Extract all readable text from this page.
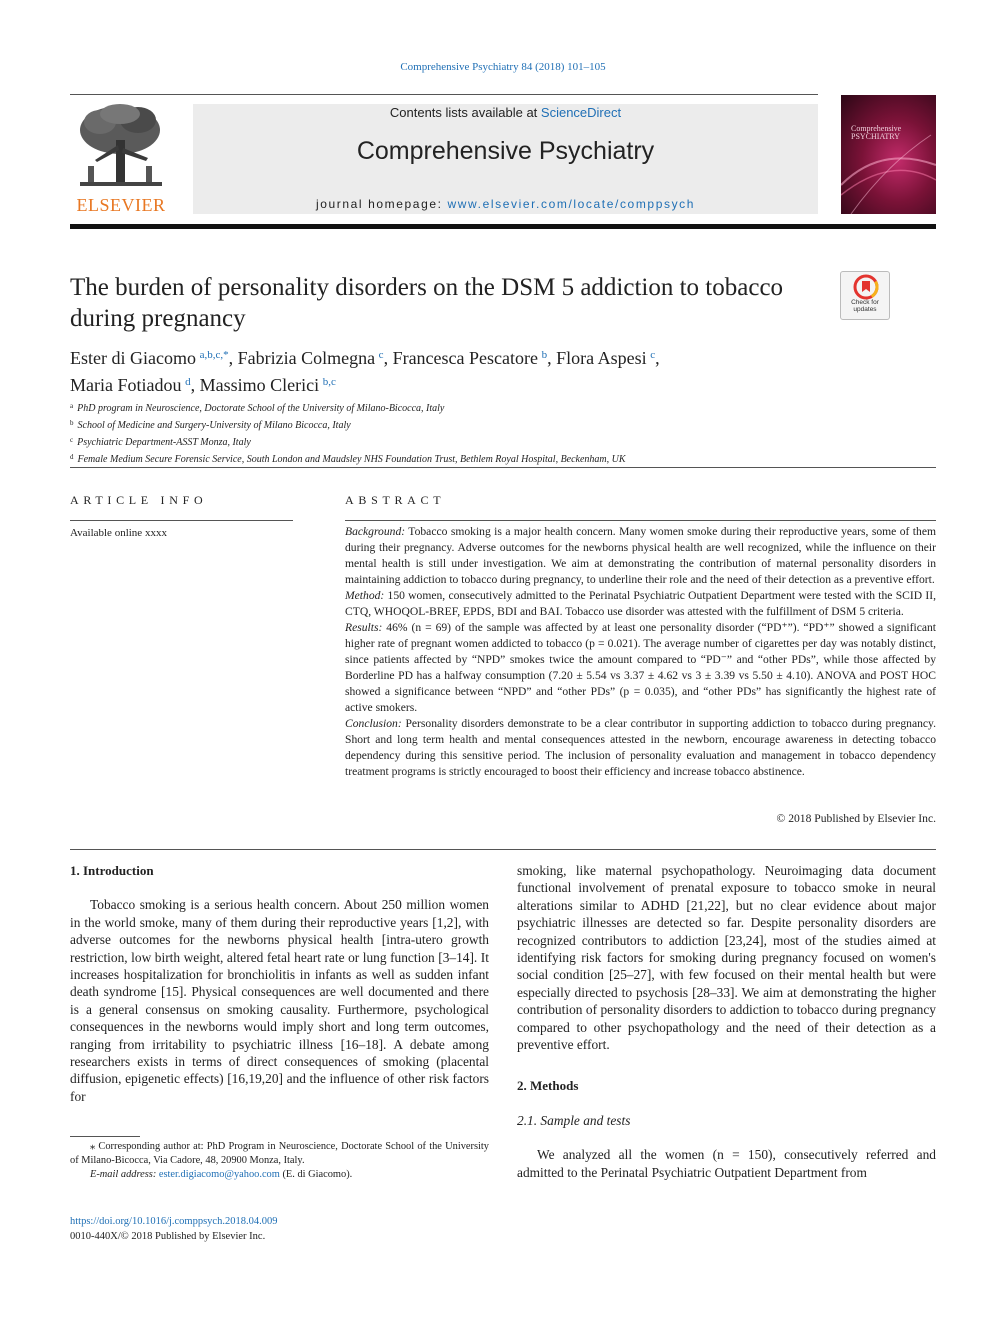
Comprehensive Psychiatry 84 (2018) 101–105
ELSEVIER
Contents lists available at ScienceDirect
Comprehensive Psychiatry
journal homepage: www.elsevier.com/locate/comppsych
Comprehensive PSYCHIATRY
The burden of personality disorders on the DSM 5 addiction to tobacco during pregnancy
Check for updates
Ester di Giacomo  $^{a,b,c,*}$, Fabrizia Colmegna  $^c$, Francesca Pescatore  $^b$, Flora Aspesi  $^c$,
Maria Fotiadou  $^d$, Massimo Clerici  $^{b,c}$
$^a$ PhD program in Neuroscience, Doctorate School of the University of Milano-Bicocca, Italy
$^b$ School of Medicine and Surgery-University of Milano Bicocca, Italy
$^c$ Psychiatric Department-ASST Monza, Italy
$^d$ Female Medium Secure Forensic Service, South London and Maudsley NHS Foundation Trust, Bethlem Royal Hospital, Beckenham, UK
ARTICLE INFO
Available online xxxx
ABSTRACT

Background: Tobacco smoking is a major health concern. Many women smoke during their reproductive years, some of them during their pregnancy. Adverse outcomes for the newborns physical health are well recognized, while the influence on their mental health is still under investigation. We aim at demonstrating the contribution of maternal personality disorders in maintaining addiction to tobacco during pregnancy, to underline their role and the need of their detection as a preventive effort.

Method: 150 women, consecutively admitted to the Perinatal Psychiatric Outpatient Department were tested with the SCID II, CTQ, WHOQOL-BREF, EPDS, BDI and BAI. Tobacco use disorder was attested with the fulfillment of DSM 5 criteria.

Results: 46% (n = 69) of the sample was affected by at least one personality disorder (“PD⁺”). “PD⁺” showed a significant higher rate of pregnant women addicted to tobacco (p = 0.021). The average number of cigarettes per day was notably distinct, since patients affected by “NPD” smokes twice the amount compared to “PD⁻” and “other PDs”, while those affected by Borderline PD has a halfway consumption (7.20 ± 5.54 vs 3.37 ± 4.62 vs 3 ± 3.39 vs 5.50 ± 4.10). ANOVA and POST HOC showed a significance between “NPD” and “other PDs” (p = 0.035), and “other PDs” has significantly the highest rate of active smokers.

Conclusion: Personality disorders demonstrate to be a clear contributor in supporting addiction to tobacco during pregnancy. Short and long term health and mental consequences attested in the newborn, encourage awareness in detecting tobacco dependency during this sensitive period. The inclusion of personality evaluation and management in tobacco dependency treatment programs is strictly encouraged to boost their efficiency and increase tobacco abstinence.

© 2018 Published by Elsevier Inc.
1. Introduction

Tobacco smoking is a serious health concern. About 250 million women in the world smoke, many of them during their reproductive years [1,2], with adverse outcomes for the newborns physical health [intra-utero growth restriction, low birth weight, altered fetal heart rate or lung function [3–14]. It increases hospitalization for bronchiolitis in infants as well as sudden infant death syndrome [15]. Physical consequences are well documented and there is a general consensus on smoking causality. Furthermore, psychological consequences in the newborns would imply short and long term outcomes, ranging from irritability to psychiatric illness [16–18]. A debate among researchers exists in terms of direct consequences of smoking (placental diffusion, epigenetic effects) [16,19,20] and the influence of other risk factors for

smoking, like maternal psychopathology. Neuroimaging data document functional involvement of prenatal exposure to tobacco smoke in neural alterations similar to ADHD [21,22], but no clear evidence about major psychiatric illnesses are detected so far. Despite personality disorders are recognized contributors to addiction [23,24], most of the studies aimed at identifying risk factors for smoking during pregnancy focused on women's social condition [25–27], with few focused on their mental health but were especially directed to psychosis [28–33]. We aim at demonstrating the higher contribution of personality disorders to addiction to tobacco during pregnancy compared to other psychopathology and the need of their detection as a preventive effort.

2. Methods
2.1. Sample and tests

We analyzed all the women (n = 150), consecutively referred and admitted to the Perinatal Psychiatric Outpatient Department from

⁎ Corresponding author at: PhD Program in Neuroscience, Doctorate School of the University of Milano-Bicocca, Via Cadore, 48, 20900 Monza, Italy.
E-mail address: ester.digiacomo@yahoo.com (E. di Giacomo).
https://doi.org/10.1016/j.comppsych.2018.04.009
0010-440X/© 2018 Published by Elsevier Inc.
